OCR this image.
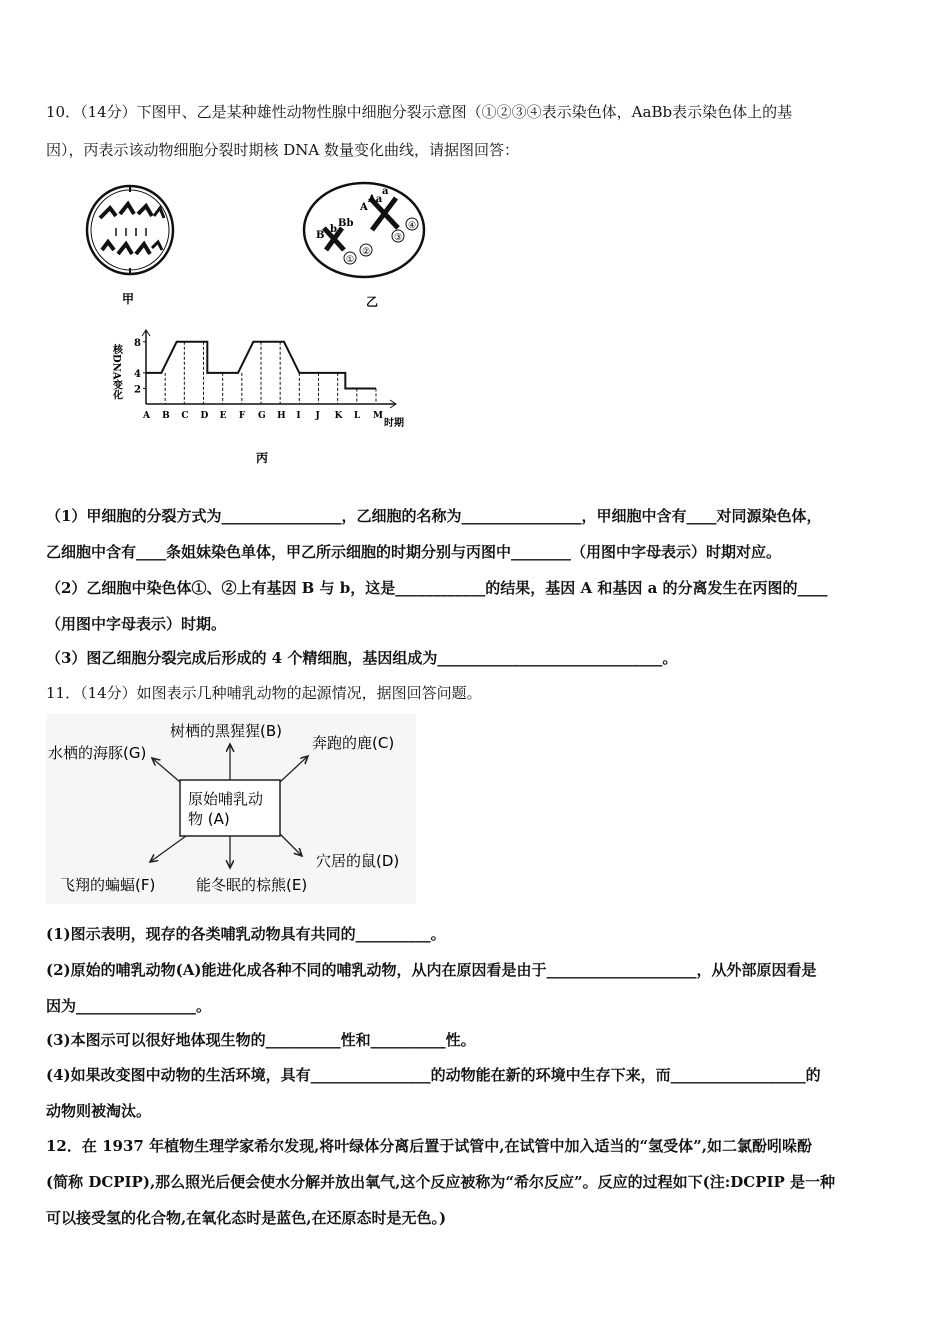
10．（14分）下图甲、乙是某种雄性动物性腺中细胞分裂示意图（①②③④表示染色体，AaBb表示染色体上的基
因），丙表示该动物细胞分裂时期核 DNA 数量变化曲线，请据图回答：
甲
①
②
③
④
B
b
Bb
A
Aa
a
乙
2
4
8
核DNA变化
A B C D E F G H I J K L M
时期
丙
（1）甲细胞的分裂方式为________________，乙细胞的名称为________________，甲细胞中含有____对同源染色体，
乙细胞中含有____条姐妹染色单体，甲乙所示细胞的时期分别与丙图中________（用图中字母表示）时期对应。
（2）乙细胞中染色体①、②上有基因 B 与 b，这是____________的结果，基因 A 和基因 a 的分离发生在丙图的____
（用图中字母表示）时期。
（3）图乙细胞分裂完成后形成的 4 个精细胞，基因组成为______________________________。
11．（14分）如图表示几种哺乳动物的起源情况，据图回答问题。
原始哺乳动
物 (A)
树栖的黑猩猩(B)
奔跑的鹿(C)
水栖的海豚(G)
穴居的鼠(D)
飞翔的蝙蝠(F)	能冬眠的棕熊(E)
(1)图示表明，现存的各类哺乳动物具有共同的__________。
(2)原始的哺乳动物(A)能进化成各种不同的哺乳动物，从内在原因看是由于____________________，从外部原因看是
因为________________。
(3)本图示可以很好地体现生物的__________性和__________性。
(4)如果改变图中动物的生活环境，具有________________的动物能在新的环境中生存下来，而__________________的
动物则被淘汰。
12．在 1937 年植物生理学家希尔发现,将叶绿体分离后置于试管中,在试管中加入适当的“氢受体”,如二氯酚吲哚酚
(简称 DCPIP),那么照光后便会使水分解并放出氧气,这个反应被称为“希尔反应”。反应的过程如下(注:DCPIP 是一种
可以接受氢的化合物,在氧化态时是蓝色,在还原态时是无色。)
